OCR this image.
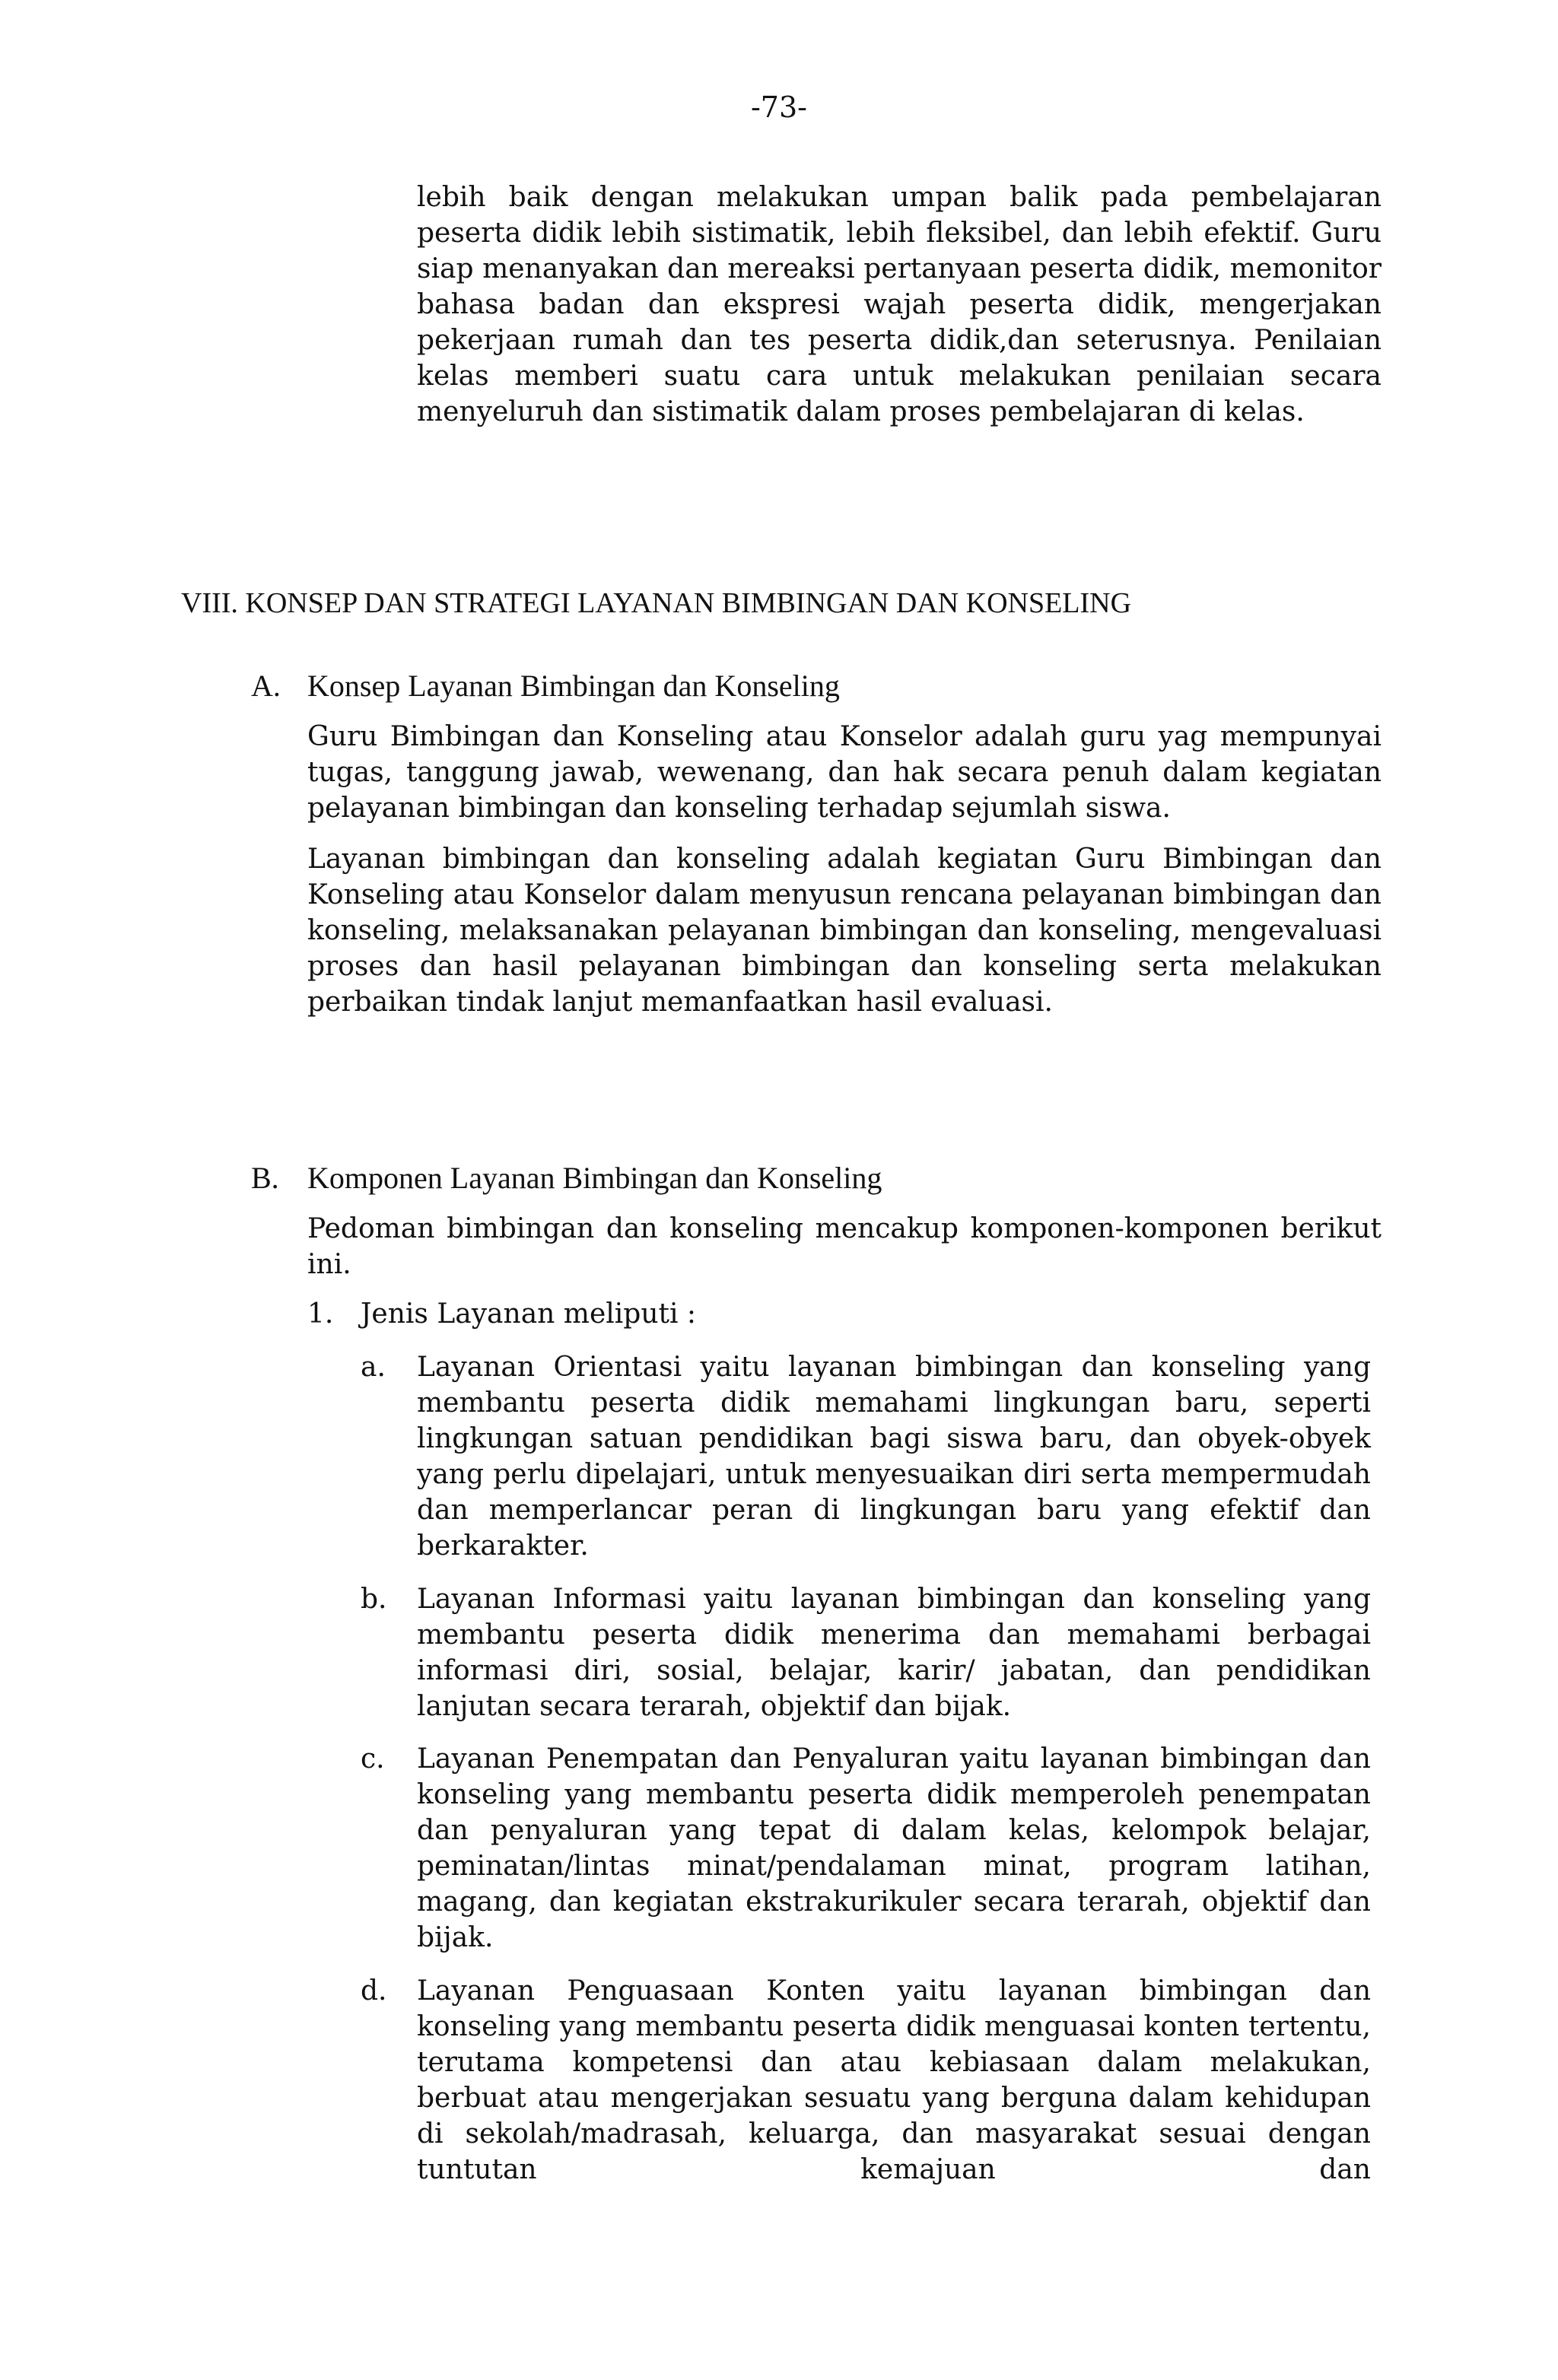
-73-

lebih baik dengan melakukan umpan balik pada pembelajaran peserta didik lebih sistimatik, lebih fleksibel, dan lebih efektif. Guru siap menanyakan dan mereaksi pertanyaan peserta didik, memonitor bahasa badan dan ekspresi wajah peserta didik, mengerjakan pekerjaan rumah dan tes peserta didik,dan seterusnya. Penilaian kelas memberi suatu cara untuk melakukan penilaian secara menyeluruh dan sistimatik dalam proses pembelajaran di kelas.

VIII. KONSEP DAN STRATEGI LAYANAN BIMBINGAN DAN KONSELING
A. Konsep Layanan Bimbingan dan Konseling

Guru Bimbingan dan Konseling atau Konselor adalah guru yag mempunyai tugas, tanggung jawab, wewenang, dan hak secara penuh dalam kegiatan pelayanan bimbingan dan konseling terhadap sejumlah siswa.

Layanan bimbingan dan konseling adalah kegiatan Guru Bimbingan dan Konseling atau Konselor dalam menyusun rencana pelayanan bimbingan dan konseling, melaksanakan pelayanan bimbingan dan konseling, mengevaluasi proses dan hasil pelayanan bimbingan dan konseling serta melakukan perbaikan tindak lanjut memanfaatkan hasil evaluasi.

B. Komponen Layanan Bimbingan dan Konseling

Pedoman bimbingan dan konseling mencakup komponen-komponen berikut ini.

1. Jenis Layanan meliputi :
a.	Layanan Orientasi yaitu layanan bimbingan dan konseling yang membantu peserta didik memahami lingkungan baru, seperti lingkungan satuan pendidikan bagi siswa baru, dan obyek-obyek yang perlu dipelajari, untuk menyesuaikan diri serta mempermudah dan memperlancar peran di lingkungan baru yang efektif dan berkarakter.

b.	Layanan Informasi yaitu layanan bimbingan dan konseling yang membantu peserta didik menerima dan memahami berbagai informasi diri, sosial, belajar, karir/ jabatan, dan pendidikan lanjutan secara terarah, objektif dan bijak.

c.	Layanan Penempatan dan Penyaluran yaitu layanan bimbingan dan konseling yang membantu peserta didik memperoleh penempatan dan penyaluran yang tepat di dalam kelas, kelompok belajar, peminatan/lintas minat/pendalaman minat, program latihan, magang, dan kegiatan ekstrakurikuler secara terarah, objektif dan bijak.

d.	Layanan Penguasaan Konten yaitu layanan bimbingan dan konseling yang membantu peserta didik menguasai konten tertentu, terutama kompetensi dan atau kebiasaan dalam melakukan, berbuat atau mengerjakan sesuatu yang berguna dalam kehidupan di sekolah/madrasah, keluarga, dan masyarakat sesuai dengan tuntutan kemajuan dan
